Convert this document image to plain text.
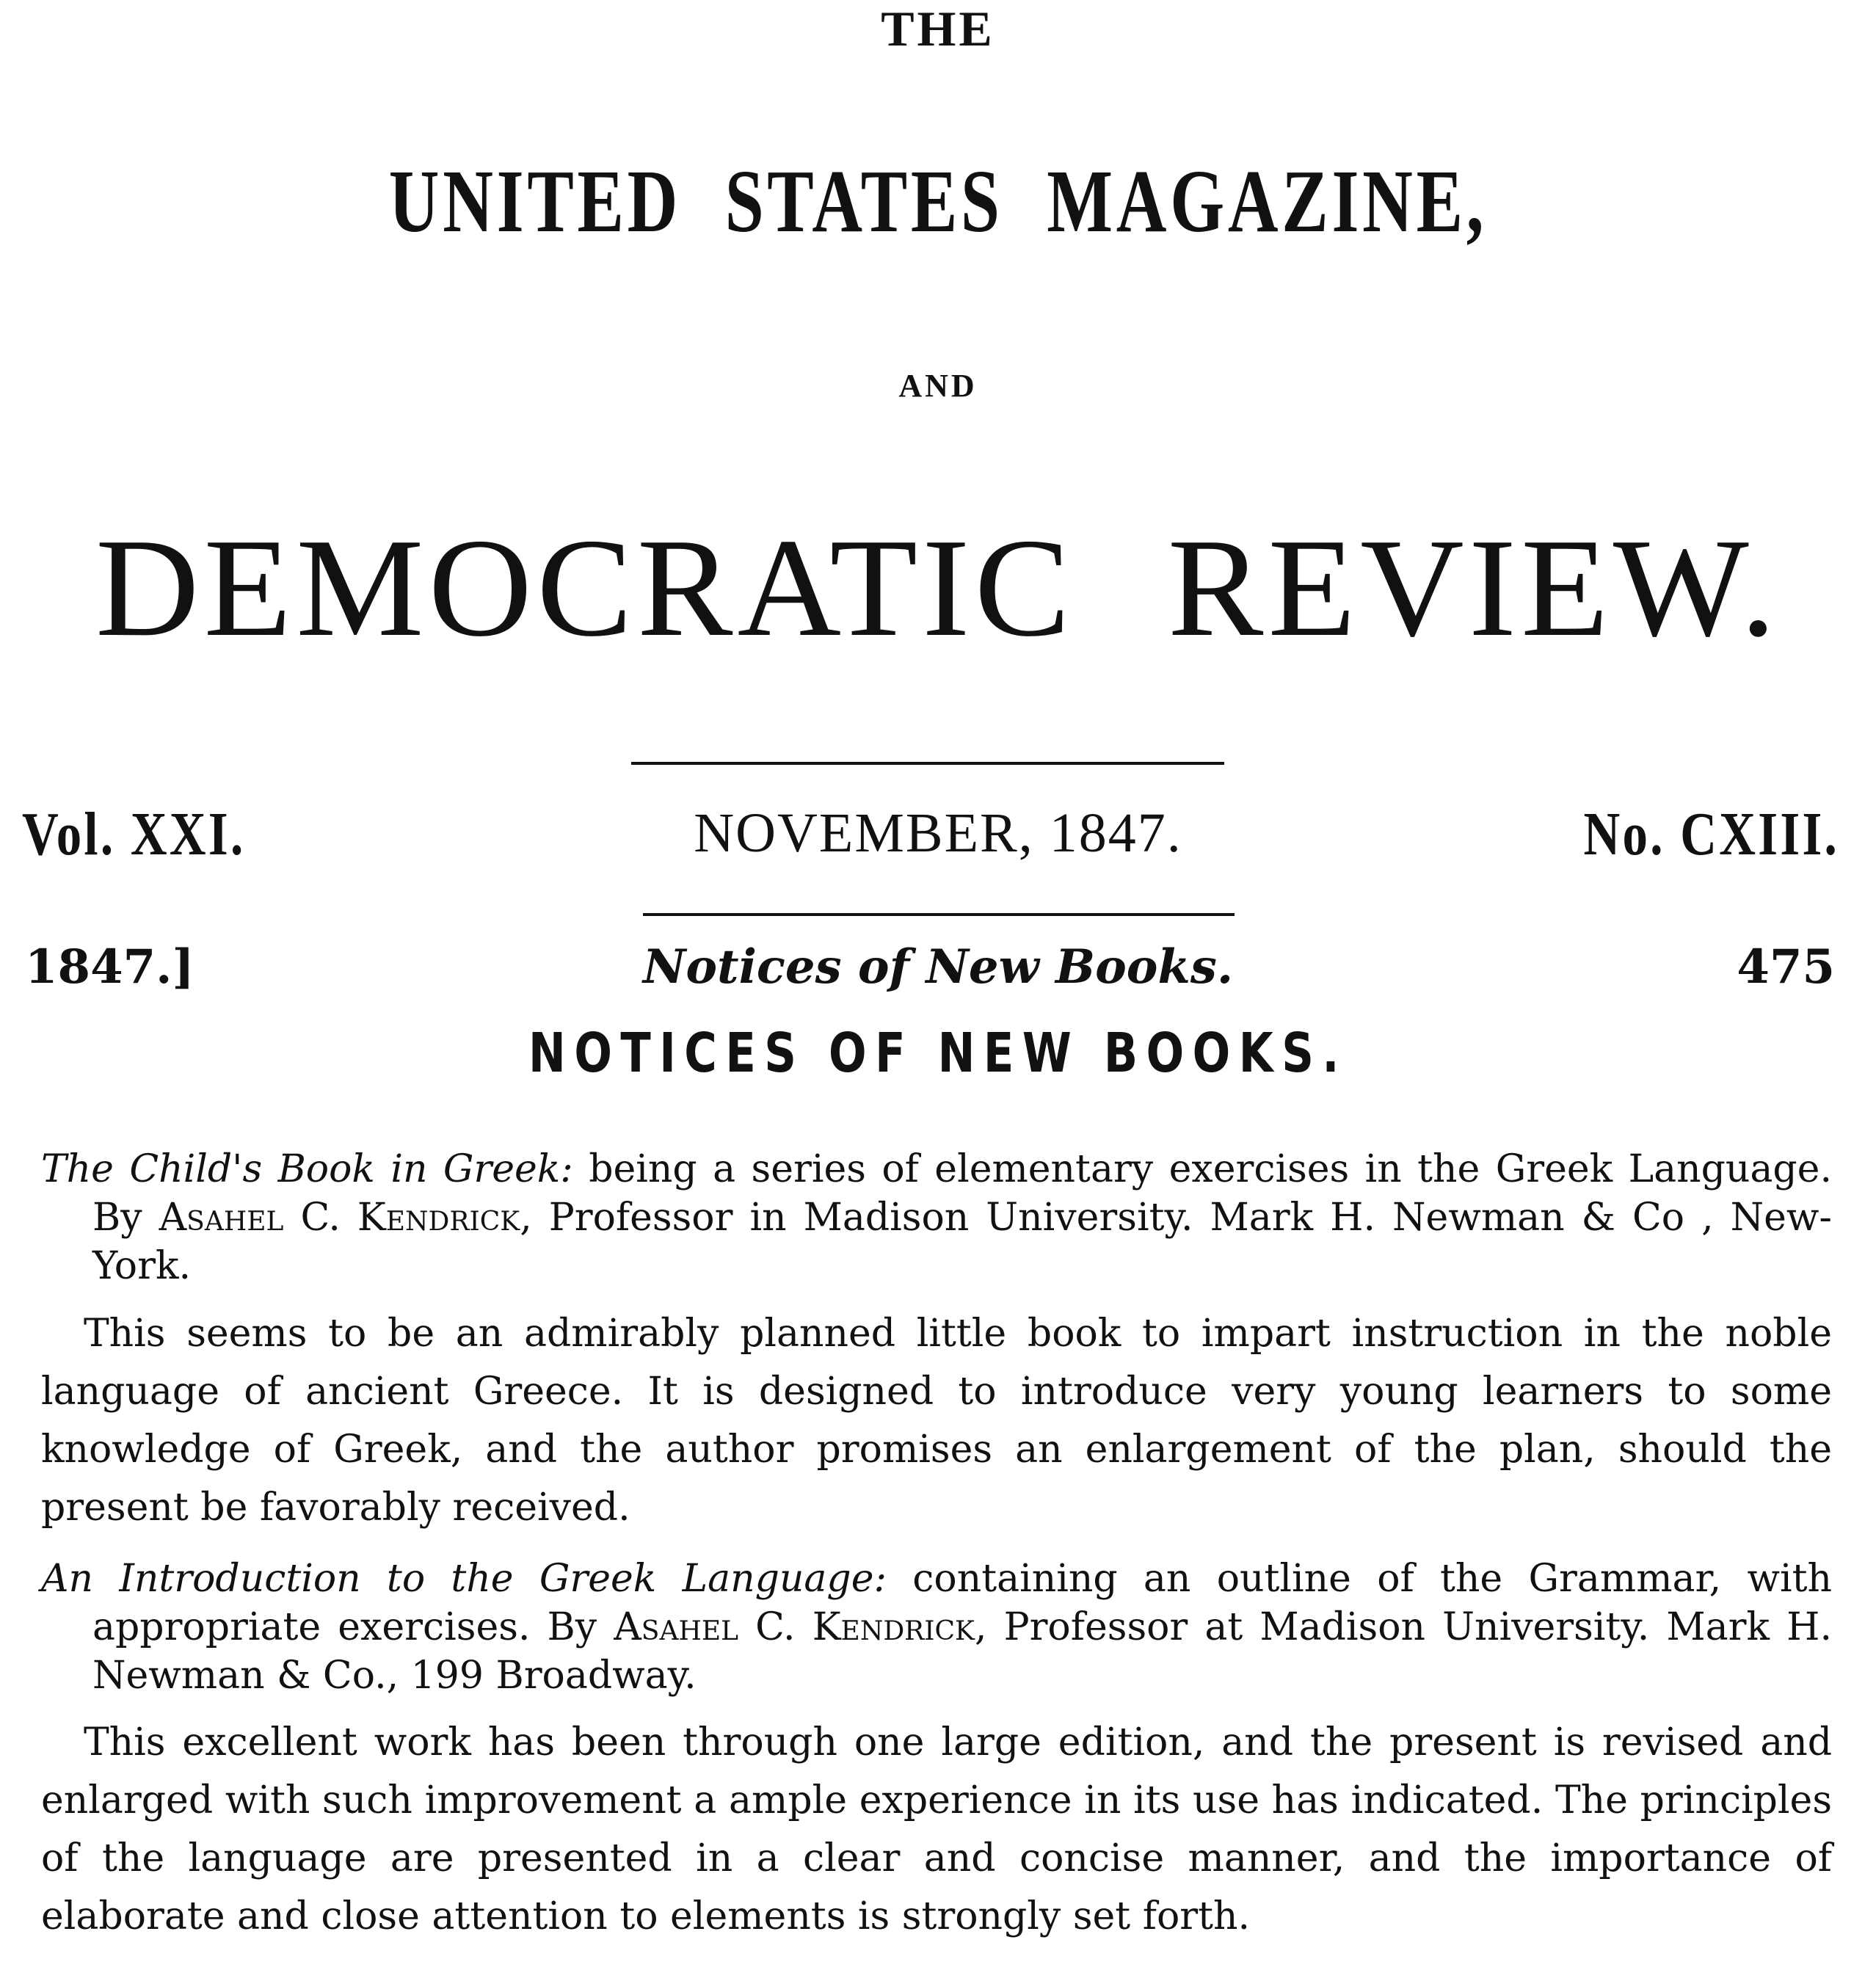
THE
UNITED STATES MAGAZINE,
AND
DEMOCRATIC REVIEW.
Vol. XXI.	NOVEMBER, 1847.	No. CXIII.
1847.]	Notices of New Books.	475
NOTICES OF NEW BOOKS.
The Child's Book in Greek: being a series of elementary exercises in the Greek Language. By Asahel C. Kendrick, Professor in Madison University. Mark H. Newman & Co , New-York.
This seems to be an admirably planned little book to impart instruction in the noble language of ancient Greece. It is designed to introduce very young learners to some knowledge of Greek, and the author promises an enlargement of the plan, should the present be favorably received.
An Introduction to the Greek Language: containing an outline of the Grammar, with appropriate exercises. By Asahel C. Kendrick, Professor at Madison University. Mark H. Newman & Co., 199 Broadway.
This excellent work has been through one large edition, and the present is revised and enlarged with such improvement a ample experience in its use has indicated. The principles of the language are presented in a clear and concise manner, and the importance of elaborate and close attention to elements is strongly set forth.
